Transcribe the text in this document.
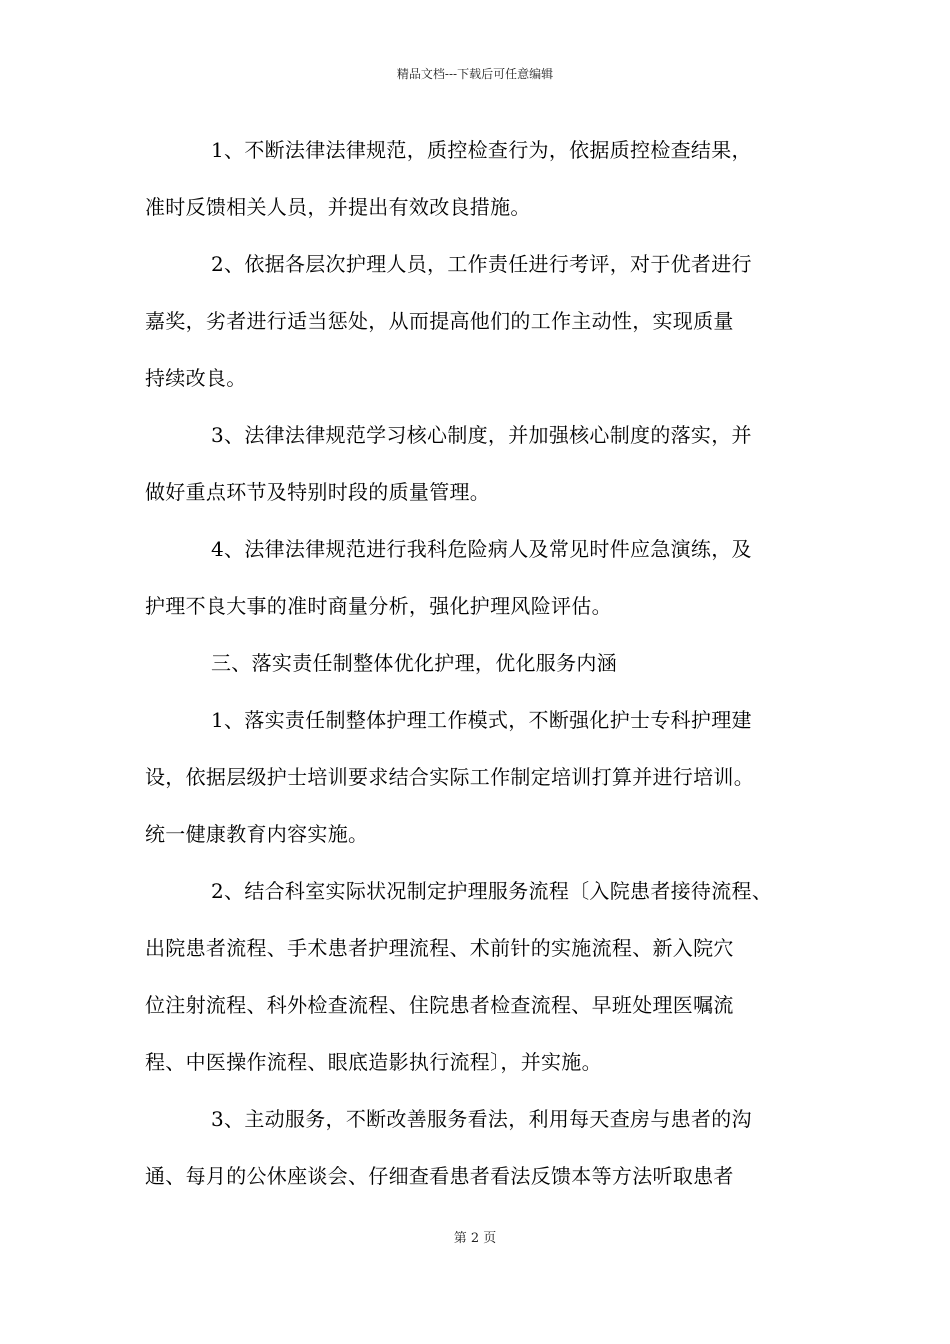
精品文档---下载后可任意编辑
1、不断法律法律规范，质控检查行为，依据质控检查结果，
准时反馈相关人员，并提出有效改良措施。
2、依据各层次护理人员，工作责任进行考评，对于优者进行
嘉奖，劣者进行适当惩处，从而提高他们的工作主动性，实现质量
持续改良。
3、法律法律规范学习核心制度，并加强核心制度的落实，并
做好重点环节及特别时段的质量管理。
4、法律法律规范进行我科危险病人及常见时件应急演练，及
护理不良大事的准时商量分析，强化护理风险评估。
三、落实责任制整体优化护理，优化服务内涵
1、落实责任制整体护理工作模式，不断强化护士专科护理建
设，依据层级护士培训要求结合实际工作制定培训打算并进行培训。
统一健康教育内容实施。
2、结合科室实际状况制定护理服务流程〔入院患者接待流程、
出院患者流程、手术患者护理流程、术前针的实施流程、新入院穴
位注射流程、科外检查流程、住院患者检查流程、早班处理医嘱流
程、中医操作流程、眼底造影执行流程〕，并实施。
3、主动服务，不断改善服务看法，利用每天查房与患者的沟
通、每月的公休座谈会、仔细查看患者看法反馈本等方法听取患者
第 2 页
